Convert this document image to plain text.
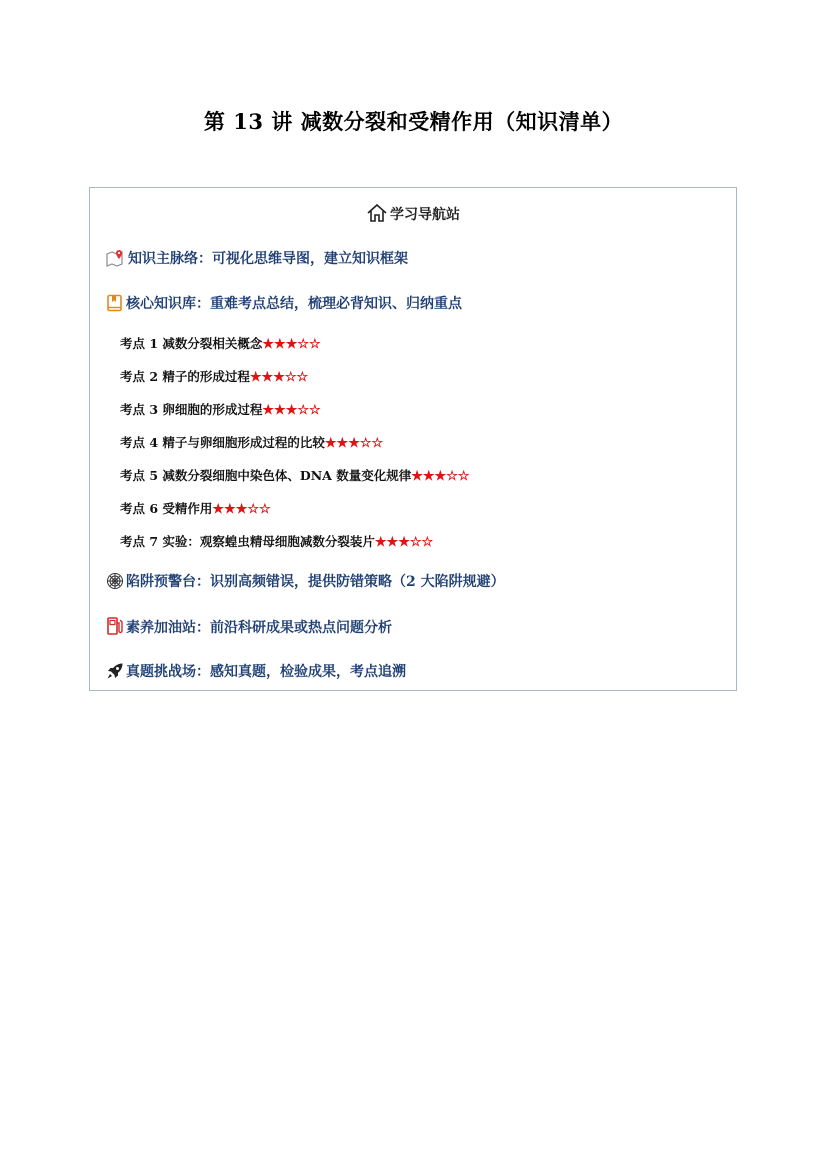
第 13 讲 减数分裂和受精作用（知识清单）
学习导航站
知识主脉络：可视化思维导图，建立知识框架
核心知识库：重难考点总结，梳理必背知识、归纳重点
考点 1 减数分裂相关概念★★★☆☆
考点 2 精子的形成过程★★★☆☆
考点 3 卵细胞的形成过程★★★☆☆
考点 4 精子与卵细胞形成过程的比较★★★☆☆
考点 5 减数分裂细胞中染色体、DNA 数量变化规律★★★☆☆
考点 6 受精作用★★★☆☆
考点 7 实验：观察蝗虫精母细胞减数分裂装片★★★☆☆
陷阱预警台：识别高频错误，提供防错策略（2 大陷阱规避）
素养加油站：前沿科研成果或热点问题分析
真题挑战场：感知真题，检验成果，考点追溯
